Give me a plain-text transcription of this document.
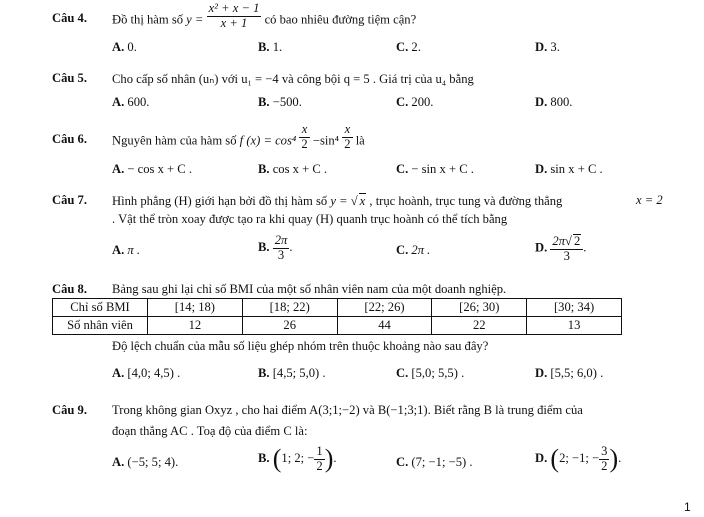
Câu 4. Đồ thị hàm số $y = \frac{\text{x² + x − 1}}{x + 1}$ có bao nhiêu đường tiệm cận?
A. 0.	B. 1.	C. 2.	D. 3.
Câu 5. Cho cấp số nhân (uₙ) với u₁ = −4 và công bội q = 5 . Giá trị của u₄ bằng
A. 600.	B. −500.	C. 200.	D. 800.
Câu 6. Nguyên hàm của hàm số f $(x) = \cos^4 \frac{x}{2} -\sin^4 \frac{x}{2}$ là
A. − cos x + C .	B. cos x + C .	C. − sin x + C .	D. sin x + C .
Câu 7. Hình phẳng (H) giới hạn bởi đồ thị hàm số y = √ x , trục hoành, trục tung và đường thẳng	x = 2
. Vật thể tròn xoay được tạo ra khi quay (H) quanh trục hoành có thể tích bằng
A. π .	B. $\frac{2\pi}{3}$ .	C. 2π .	D. $\frac{2\pi√ 2}{3}$ .
Câu 8. Bảng sau ghi lại chỉ số BMI của một số nhân viên nam của một doanh nghiệp.
Chỉ số BMI	[14; 18)	[18; 22)	[22; 26)	[26; 30)	[30; 34)
Số nhân viên	12	26	44	22	13
Độ lệch chuẩn của mẫu số liệu ghép nhóm trên thuộc khoảng nào sau đây?
A. [4,0; 4,5) .	B. [4,5; 5,0) .	C. [5,0; 5,5) .	D. [5,5; 6,0) .
Câu 9. Trong không gian Oxyz , cho hai điểm A(3;1;−2) và B(−1;3;1). Biết rằng B là trung điểm của
đoạn thẳng AC . Toạ độ của điểm C là:
A. (−5; 5; 4).	B. (1; 2; − $\frac{1}{2}$ ).	C. (7; −1; −5) .	D. (2; −1; − $\frac{3}{2}$ ).
1
